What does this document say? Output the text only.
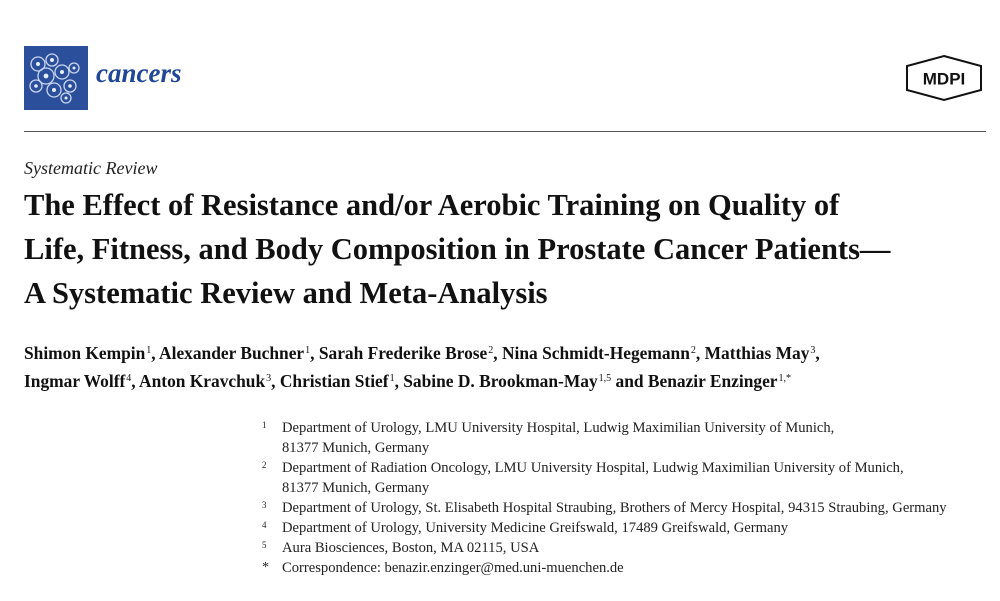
cancers	MDPI
Systematic Review
The Effect of Resistance and/or Aerobic Training on Quality of
Life, Fitness, and Body Composition in Prostate Cancer Patients—
A Systematic Review and Meta-Analysis
Shimon Kempin$^1$, Alexander Buchner$^1$, Sarah Frederike Brose$^2$, Nina Schmidt-Hegemann$^2$, Matthias May$^3$,
Ingmar Wolff$^4$, Anton Kravchuk$^3$, Christian Stief$^1$, Sabine D. Brookman-May$^{1,5}$ and Benazir Enzinger$^{1,*}$
1	Department of Urology, LMU University Hospital, Ludwig Maximilian University of Munich,
81377 Munich, Germany
2	Department of Radiation Oncology, LMU University Hospital, Ludwig Maximilian University of Munich,
81377 Munich, Germany
3	Department of Urology, St. Elisabeth Hospital Straubing, Brothers of Mercy Hospital, 94315 Straubing, Germany
4	Department of Urology, University Medicine Greifswald, 17489 Greifswald, Germany
5	Aura Biosciences, Boston, MA 02115, USA
* Correspondence: benazir.enzinger@med.uni-muenchen.de
